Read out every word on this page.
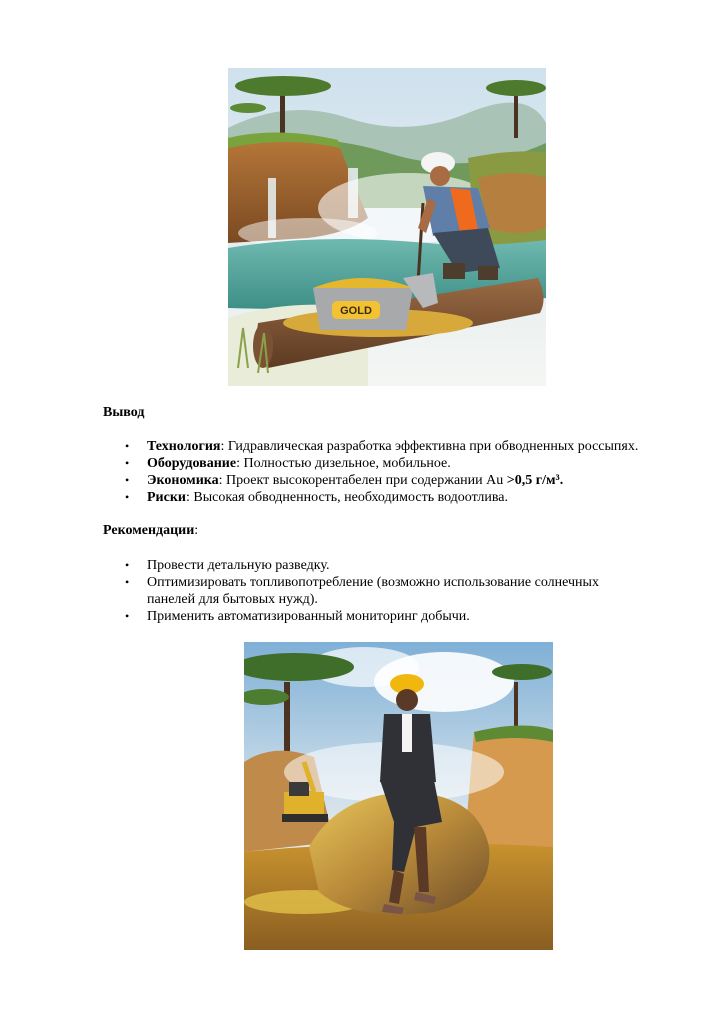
GOLD
Вывод
• Технология: Гидравлическая разработка эффективна при обводненных россыпях.
• Оборудование: Полностью дизельное, мобильное.
• Экономика: Проект высокорентабелен при содержании Au >0,5 г/м³.
• Риски: Высокая обводненность, необходимость водоотлива.
Рекомендации:
• Провести детальную разведку.
• Оптимизировать топливопотребление (возможно использование солнечных панелей для бытовых нужд).
• Применить автоматизированный мониторинг добычи.
